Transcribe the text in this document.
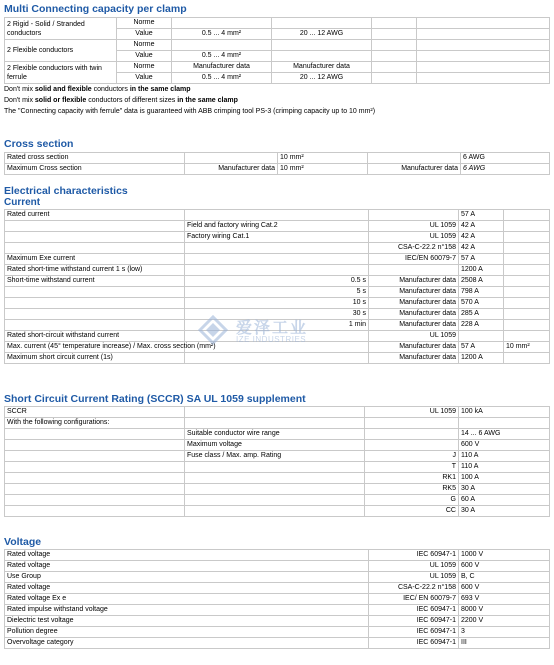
Multi Connecting capacity per clamp
2 Rigid - Solid / Stranded conductors	Norme				
	Value	0.5 ... 4 mm²	20 ... 12 AWG		
2 Flexible conductors	Norme				
	Value	0.5 ... 4 mm²			
2 Flexible conductors with twin ferrule	Norme	Manufacturer data	Manufacturer data		
	Value	0.5 ... 4 mm²	20 ... 12 AWG		
Don't mix solid and flexible conductors in the same clamp
Don't mix solid or flexible conductors of different sizes in the same clamp
The "Connecting capacity with ferrule" data is guaranteed with ABB crimping tool PS-3 (crimping capacity up to 10 mm²)
Cross section
Rated cross section		10 mm²		6 AWG
Maximum Cross section	Manufacturer data	10 mm²	Manufacturer data	6 AWG
Electrical characteristics
Current
Rated current			57 A	
	Field and factory wiring Cat.2	UL 1059	42 A	
	Factory wiring Cat.1	UL 1059	42 A	
		CSA-C-22.2 n°158	42 A	
Maximum Exe current		IEC/EN 60079-7	57 A	
Rated short-time withstand current 1 s (low)			1200 A	
Short-time withstand current	0.5 s	Manufacturer data	2508 A	
	5 s	Manufacturer data	798 A	
	10 s	Manufacturer data	570 A	
	30 s	Manufacturer data	285 A	
	1 min	Manufacturer data	228 A	
Rated short-circuit withstand current		UL 1059		
Max. current (45° temperature increase) / Max. cross section (mm²)		Manufacturer data	57 A	10 mm²
Maximum short circuit current (1s)		Manufacturer data	1200 A	
Short Circuit Current Rating (SCCR) SA UL 1059 supplement
SCCR		UL 1059	100 kA
With the following configurations:			
	Suitable conductor wire range		14 ... 6 AWG
	Maximum voltage		600 V
	Fuse class / Max. amp. Rating	J	110 A
		T	110 A
		RK1	100 A
		RK5	30 A
		G	60 A
		CC	30 A
Voltage
Rated voltage	IEC 60947-1	1000 V
Rated voltage	UL 1059	600 V
Use Group	UL 1059	B, C
Rated voltage	CSA-C-22.2 n°158	600 V
Rated voltage Ex e	IEC/ EN 60079-7	693 V
Rated impulse withstand voltage	IEC 60947-1	8000 V
Dielectric test voltage	IEC 60947-1	2200 V
Pollution degree	IEC 60947-1	3
Overvoltage category	IEC 60947-1	III
爱泽工业
IZE INDUSTRIES
